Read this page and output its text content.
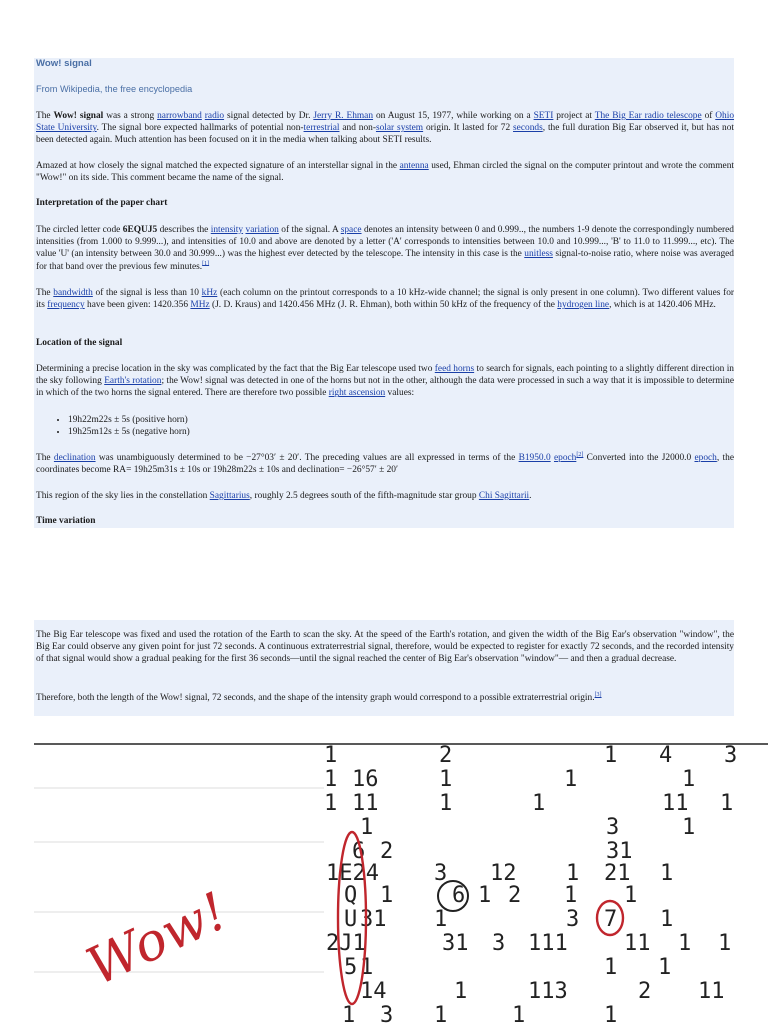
Wow! signal
From Wikipedia, the free encyclopedia
The Wow! signal was a strong narrowband radio signal detected by Dr. Jerry R. Ehman on August 15, 1977, while working on a SETI project at The Big Ear radio telescope of Ohio State University. The signal bore expected hallmarks of potential non-terrestrial and non-solar system origin. It lasted for 72 seconds, the full duration Big Ear observed it, but has not been detected again. Much attention has been focused on it in the media when talking about SETI results.
Amazed at how closely the signal matched the expected signature of an interstellar signal in the antenna used, Ehman circled the signal on the computer printout and wrote the comment "Wow!" on its side. This comment became the name of the signal.
Interpretation of the paper chart
The circled letter code 6EQUJ5 describes the intensity variation of the signal. A space denotes an intensity between 0 and 0.999.., the numbers 1-9 denote the correspondingly numbered intensities (from 1.000 to 9.999...), and intensities of 10.0 and above are denoted by a letter ('A' corresponds to intensities between 10.0 and 10.999..., 'B' to 11.0 to 11.999..., etc). The value 'U' (an intensity between 30.0 and 30.999...) was the highest ever detected by the telescope. The intensity in this case is the unitless signal-to-noise ratio, where noise was averaged for that band over the previous few minutes.[1]
The bandwidth of the signal is less than 10 kHz (each column on the printout corresponds to a 10 kHz-wide channel; the signal is only present in one column). Two different values for its frequency have been given: 1420.356 MHz (J. D. Kraus) and 1420.456 MHz (J. R. Ehman), both within 50 kHz of the frequency of the hydrogen line, which is at 1420.406 MHz.
Location of the signal
Determining a precise location in the sky was complicated by the fact that the Big Ear telescope used two feed horns to search for signals, each pointing to a slightly different direction in the sky following Earth's rotation; the Wow! signal was detected in one of the horns but not in the other, although the data were processed in such a way that it is impossible to determine in which of the two horns the signal entered. There are therefore two possible right ascension values:
• 19h22m22s ± 5s (positive horn)
• 19h25m12s ± 5s (negative horn)
The declination was unambiguously determined to be −27°03′ ± 20′. The preceding values are all expressed in terms of the B1950.0 epoch[2] Converted into the J2000.0 epoch, the coordinates become RA= 19h25m31s ± 10s or 19h28m22s ± 10s and declination= −26°57′ ± 20′
This region of the sky lies in the constellation Sagittarius, roughly 2.5 degrees south of the fifth-magnitude star group Chi Sagittarii.
Time variation
The Big Ear telescope was fixed and used the rotation of the Earth to scan the sky. At the speed of the Earth's rotation, and given the width of the Big Ear's observation "window", the Big Ear could observe any given point for just 72 seconds. A continuous extraterrestrial signal, therefore, would be expected to register for exactly 72 seconds, and the recorded intensity of that signal would show a gradual peaking for the first 36 seconds—until the signal reached the center of Big Ear's observation "window"— and then a gradual decrease.
Therefore, both the length of the Wow! signal, 72 seconds, and the shape of the intensity graph would correspond to a possible extraterrestrial origin.[3]
1	2	1 4 3
1 16	1	1	1
1 11	1	1	11 1
1	3	1
6 2	31
1E24	3 12 1 21 1
Q 1	6 1 2 1 1
U 31 1	3 7 1
2J1	31 3 111	11 1 1
5 1	1 1
14	1	113	2 11
1 3 1	1	1
Wow!
